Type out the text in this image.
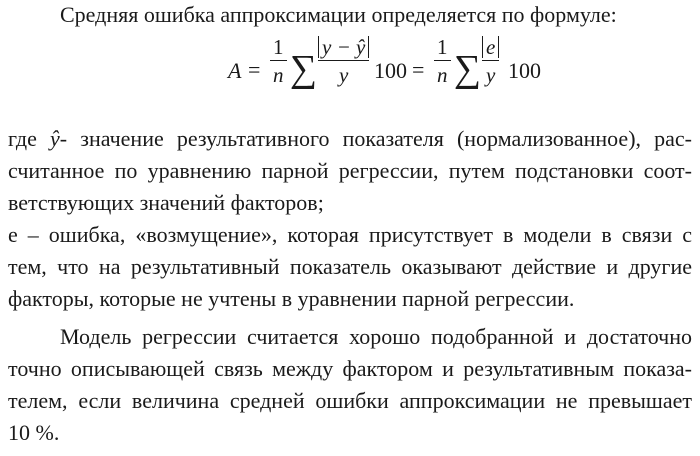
Средняя ошибка аппроксимации определяется по формуле:
A =
1
n ∑
y − ŷ
y 100 =
1
n ∑
e
y 100
где ŷ- значение результативного показателя (нормализованное), рас-
считанное по уравнению парной регрессии, путем подстановки соот-
ветствующих значений факторов;
е – ошибка, «возмущение», которая присутствует в модели в связи с
тем, что на результативный показатель оказывают действие и другие
факторы, которые не учтены в уравнении парной регрессии.
Модель регрессии считается хорошо подобранной и достаточно
точно описывающей связь между фактором и результативным показа-
телем, если величина средней ошибки аппроксимации не превышает
10 %.
